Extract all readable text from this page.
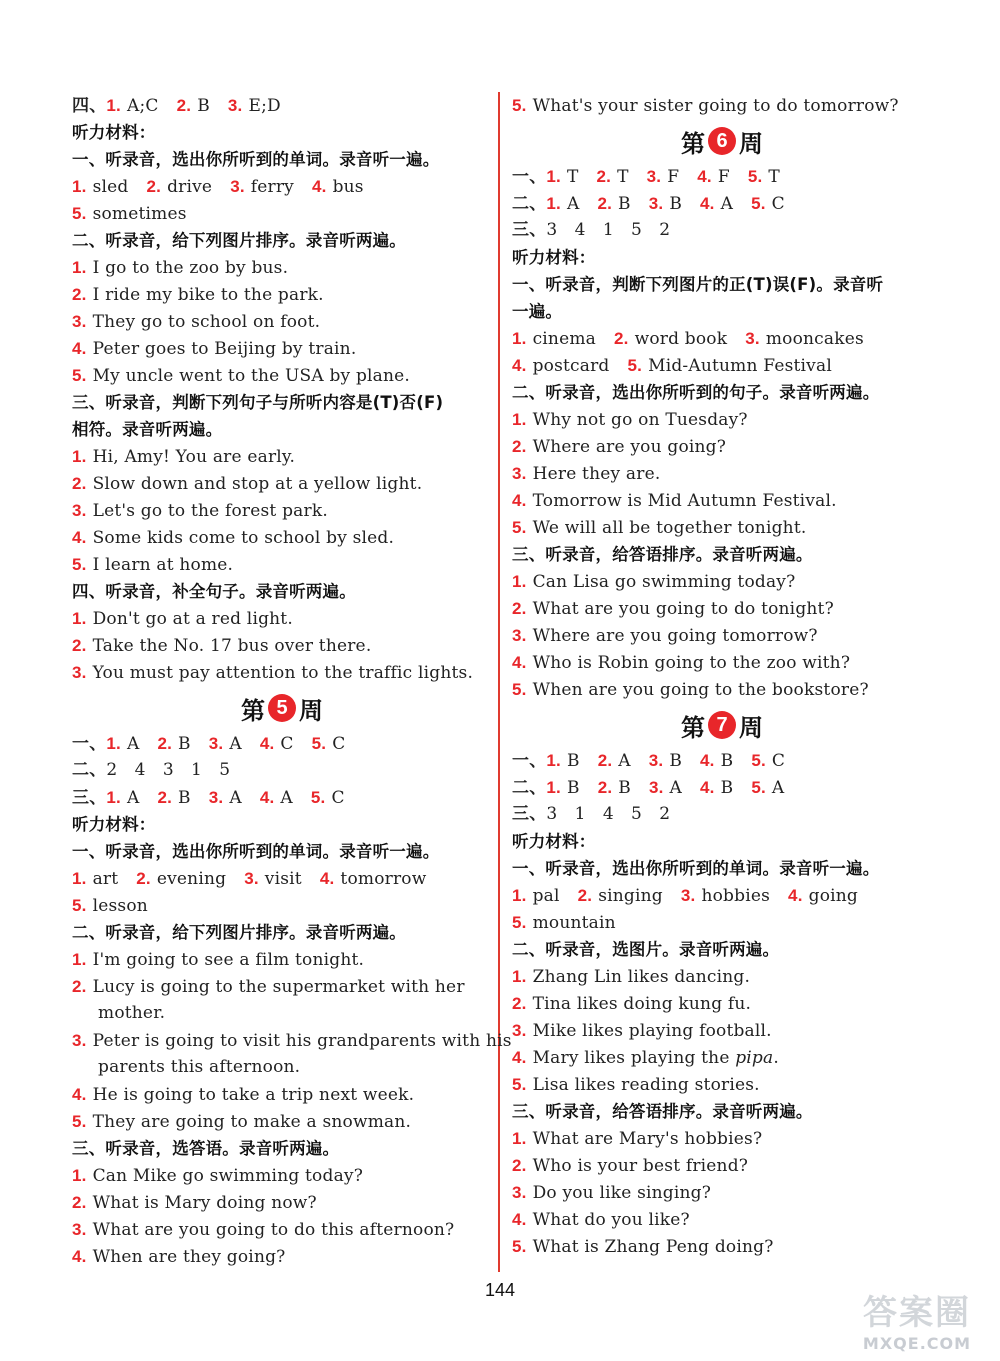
四、1. A;C 2. B 3. E;D
听力材料：
一、听录音，选出你所听到的单词。录音听一遍。
1. sled 2. drive 3. ferry 4. bus
5. sometimes
二、听录音，给下列图片排序。录音听两遍。
1. I go to the zoo by bus.
2. I ride my bike to the park.
3. They go to school on foot.
4. Peter goes to Beijing by train.
5. My uncle went to the USA by plane.
三、听录音，判断下列句子与所听内容是(T)否(F)
相符。录音听两遍。
1. Hi, Amy! You are early.
2. Slow down and stop at a yellow light.
3. Let's go to the forest park.
4. Some kids come to school by sled.
5. I learn at home.
四、听录音，补全句子。录音听两遍。
1. Don't go at a red light.
2. Take the No. 17 bus over there.
3. You must pay attention to the traffic lights.
第 5 周
一、1. A 2. B 3. A 4. C 5. C
二、2　4　3　1　5
三、1. A 2. B 3. A 4. A 5. C
听力材料：
一、听录音，选出你所听到的单词。录音听一遍。
1. art 2. evening 3. visit 4. tomorrow
5. lesson
二、听录音，给下列图片排序。录音听两遍。
1. I'm going to see a film tonight.
2. Lucy is going to the supermarket with her
mother.
3. Peter is going to visit his grandparents with his
parents this afternoon.
4. He is going to take a trip next week.
5. They are going to make a snowman.
三、听录音，选答语。录音听两遍。
1. Can Mike go swimming today?
2. What is Mary doing now?
3. What are you going to do this afternoon?
4. When are they going?
5. What's your sister going to do tomorrow?
第 6 周
一、1. T 2. T 3. F 4. F 5. T
二、1. A 2. B 3. B 4. A 5. C
三、3　4　1　5　2
听力材料：
一、听录音，判断下列图片的正(T)误(F)。录音听
一遍。
1. cinema 2. word book 3. mooncakes
4. postcard 5. Mid-Autumn Festival
二、听录音，选出你所听到的句子。录音听两遍。
1. Why not go on Tuesday?
2. Where are you going?
3. Here they are.
4. Tomorrow is Mid Autumn Festival.
5. We will all be together tonight.
三、听录音，给答语排序。录音听两遍。
1. Can Lisa go swimming today?
2. What are you going to do tonight?
3. Where are you going tomorrow?
4. Who is Robin going to the zoo with?
5. When are you going to the bookstore?
第 7 周
一、1. B 2. A 3. B 4. B 5. C
二、1. B 2. B 3. A 4. B 5. A
三、3　1　4　5　2
听力材料：
一、听录音，选出你所听到的单词。录音听一遍。
1. pal 2. singing 3. hobbies 4. going
5. mountain
二、听录音，选图片。录音听两遍。
1. Zhang Lin likes dancing.
2. Tina likes doing kung fu.
3. Mike likes playing football.
4. Mary likes playing the pipa.
5. Lisa likes reading stories.
三、听录音，给答语排序。录音听两遍。
1. What are Mary's hobbies?
2. Who is your best friend?
3. Do you like singing?
4. What do you like?
5. What is Zhang Peng doing?
144
答案圈
MXQE.COM
